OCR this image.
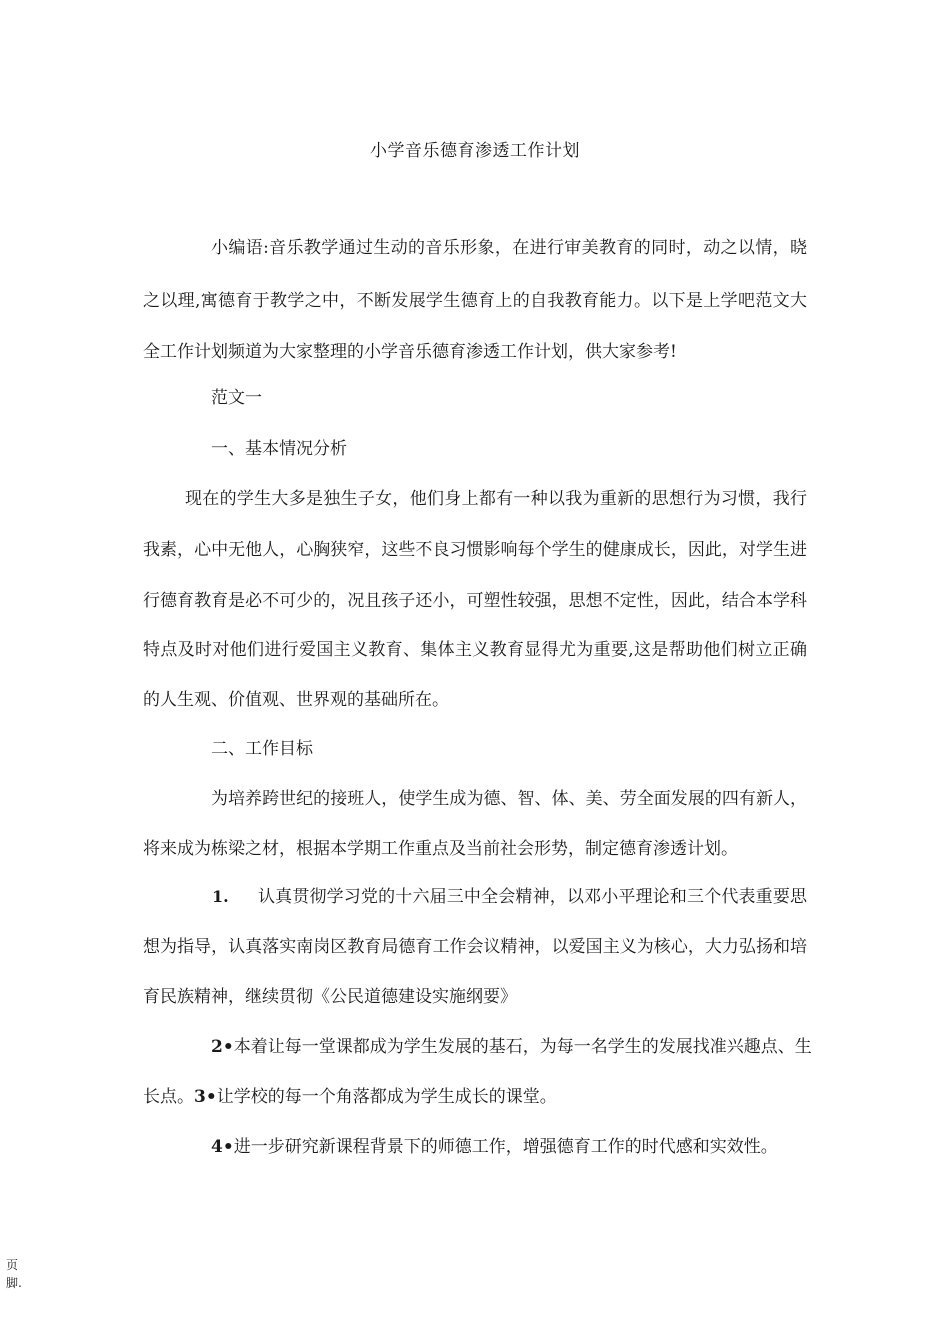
小学音乐德育渗透工作计划
小编语:音乐教学通过生动的音乐形象，在进行审美教育的同时，动之以情，晓
之以理,寓德育于教学之中，不断发展学生德育上的自我教育能力。以下是上学吧范文大
全工作计划频道为大家整理的小学音乐德育渗透工作计划，供大家参考!
范文一
一、基本情况分析
现在的学生大多是独生子女，他们身上都有一种以我为重新的思想行为习惯，我行
我素，心中无他人，心胸狭窄，这些不良习惯影响每个学生的健康成长，因此，对学生进
行德育教育是必不可少的，况且孩子还小，可塑性较强，思想不定性，因此，结合本学科
特点及时对他们进行爱国主义教育、集体主义教育显得尤为重要,这是帮助他们树立正确
的人生观、价值观、世界观的基础所在。
二、工作目标
为培养跨世纪的接班人，使学生成为德、智、体、美、劳全面发展的四有新人，
将来成为栋梁之材，根据本学期工作重点及当前社会形势，制定德育渗透计划。
1. 认真贯彻学习党的十六届三中全会精神，以邓小平理论和三个代表重要思
想为指导，认真落实南岗区教育局德育工作会议精神，以爱国主义为核心，大力弘扬和培
育民族精神，继续贯彻《公民道德建设实施纲要》
2• 本着让每一堂课都成为学生发展的基石，为每一名学生的发展找准兴趣点、生
长点。3•让学校的每一个角落都成为学生成长的课堂。
4•进一步研究新课程背景下的师德工作，增强德育工作的时代感和实效性。
页
脚.
